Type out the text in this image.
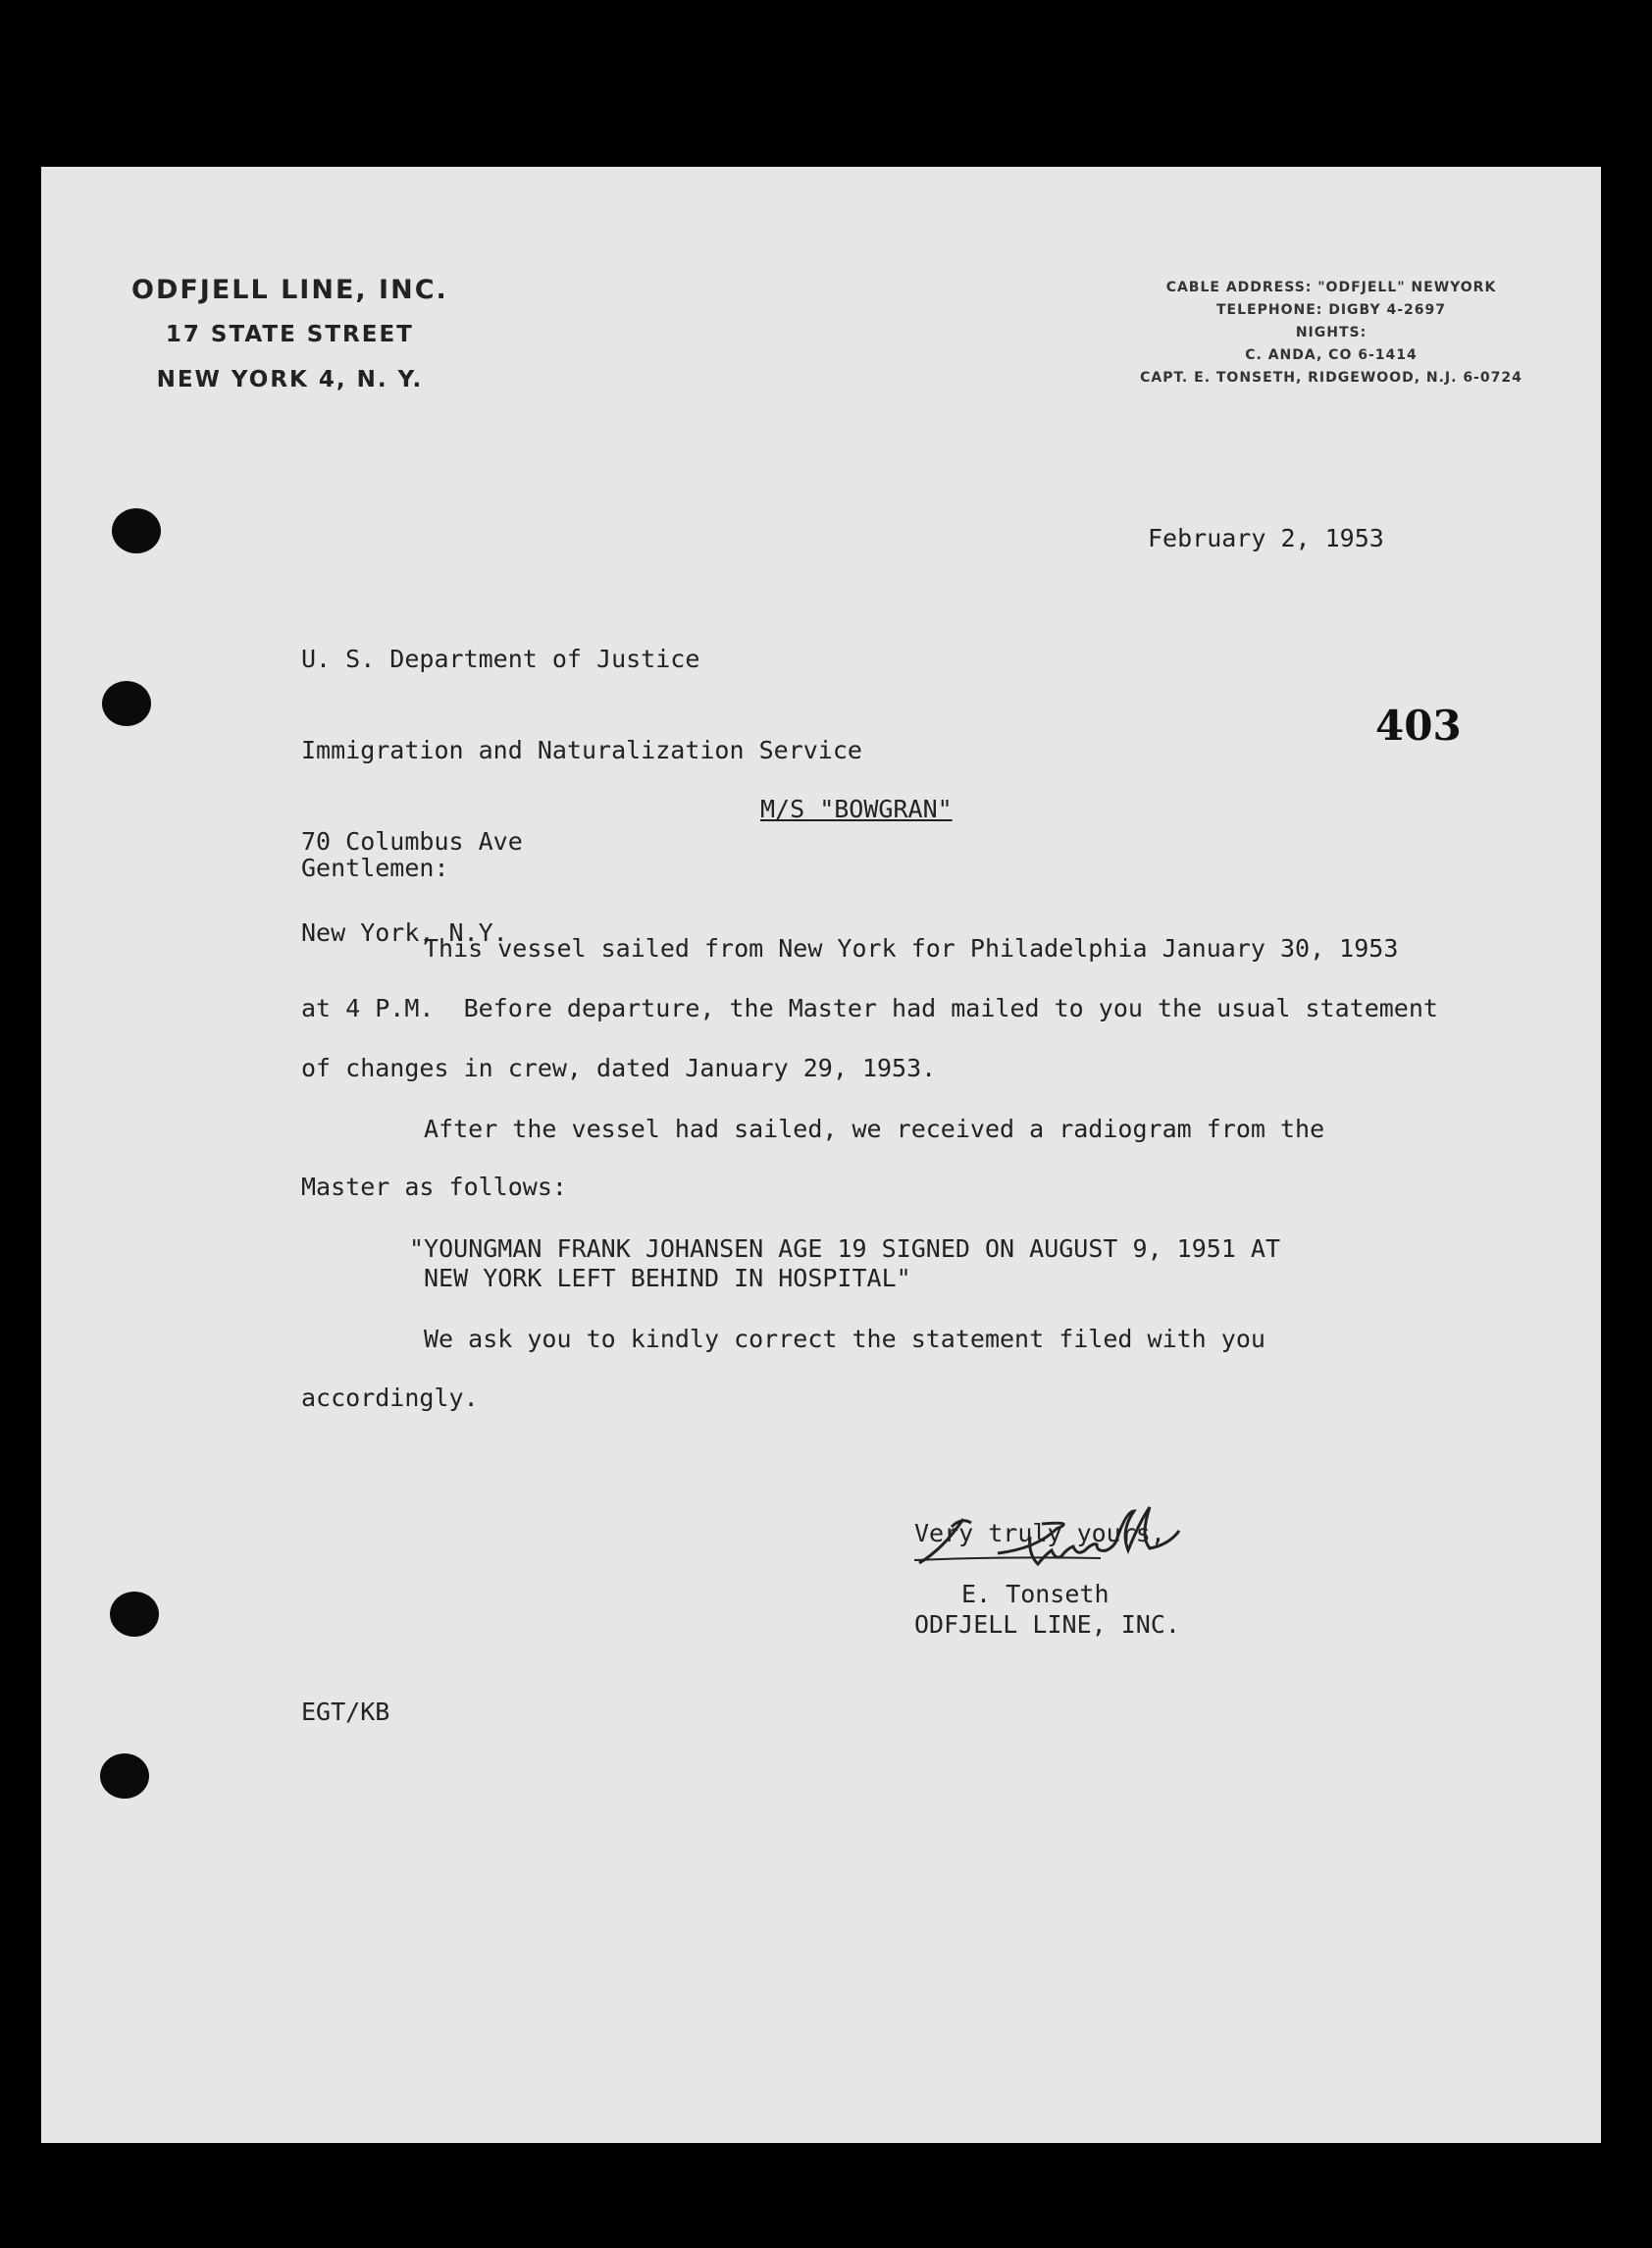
ODFJELL LINE, INC.
17 STATE STREET
NEW YORK 4, N. Y.
CABLE ADDRESS: "ODFJELL" NEWYORK
TELEPHONE: DIGBY 4-2697
NIGHTS:
C. ANDA, CO 6-1414
CAPT. E. TONSETH, RIDGEWOOD, N.J. 6-0724
February 2, 1953

U. S. Department of Justice

Immigration and Naturalization Service

70 Columbus Ave

New York, N.Y.

403
M/S "BOWGRAN"
Gentlemen:
This vessel sailed from New York for Philadelphia January 30, 1953
at 4 P.M.  Before departure, the Master had mailed to you the usual statement
of changes in crew, dated January 29, 1953.
After the vessel had sailed, we received a radiogram from the
Master as follows:
"YOUNGMAN FRANK JOHANSEN AGE 19 SIGNED ON AUGUST 9, 1951 AT
NEW YORK LEFT BEHIND IN HOSPITAL"
We ask you to kindly correct the statement filed with you
accordingly.

Very truly yours,

ODFJELL LINE, INC.

E. Tonseth
EGT/KB
